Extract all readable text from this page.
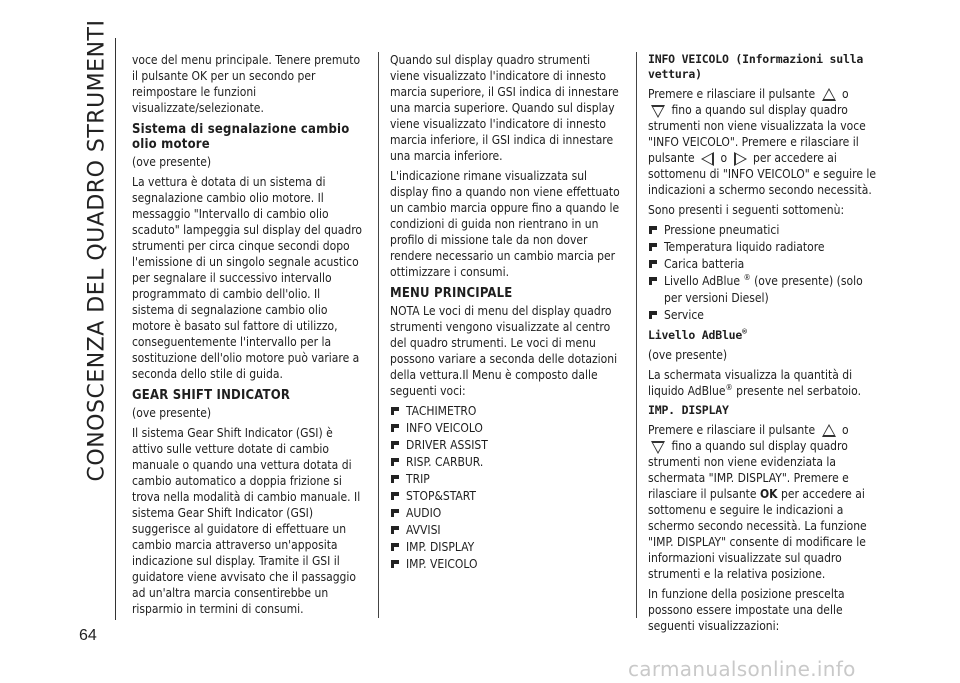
CONOSCENZA DEL QUADRO STRUMENTI
64

voce del menu principale. Tenere premuto il pulsante OK per un secondo per reimpostare le funzioni visualizzate/selezionate.

Sistema di segnalazione cambio olio motore

(ove presente)

La vettura è dotata di un sistema di segnalazione cambio olio motore. Il messaggio "Intervallo di cambio olio scaduto" lampeggia sul display del quadro strumenti per circa cinque secondi dopo l'emissione di un singolo segnale acustico per segnalare il successivo intervallo programmato di cambio dell'olio. Il sistema di segnalazione cambio olio motore è basato sul fattore di utilizzo, conseguentemente l'intervallo per la sostituzione dell'olio motore può variare a seconda dello stile di guida.

GEAR SHIFT INDICATOR

(ove presente)

Il sistema Gear Shift Indicator (GSI) è attivo sulle vetture dotate di cambio manuale o quando una vettura dotata di cambio automatico a doppia frizione si trova nella modalità di cambio manuale. Il sistema Gear Shift Indicator (GSI) suggerisce al guidatore di effettuare un cambio marcia attraverso un'apposita indicazione sul display. Tramite il GSI il guidatore viene avvisato che il passaggio ad un'altra marcia consentirebbe un risparmio in termini di consumi.

Quando sul display quadro strumenti viene visualizzato l'indicatore di innesto marcia superiore, il GSI indica di innestare una marcia superiore. Quando sul display viene visualizzato l'indicatore di innesto marcia inferiore, il GSI indica di innestare una marcia inferiore.

L'indicazione rimane visualizzata sul display fino a quando non viene effettuato un cambio marcia oppure fino a quando le condizioni di guida non rientrano in un profilo di missione tale da non dover rendere necessario un cambio marcia per ottimizzare i consumi.

MENU PRINCIPALE

NOTA Le voci di menu del display quadro strumenti vengono visualizzate al centro del quadro strumenti. Le voci di menu possono variare a seconda delle dotazioni della vettura.Il Menu è composto dalle seguenti voci:

TACHIMETRO
INFO VEICOLO
DRIVER ASSIST
RISP. CARBUR.
TRIP
STOP&START
AUDIO
AVVISI
IMP. DISPLAY
IMP. VEICOLO
INFO VEICOLO (Informazioni sulla vettura)

Premere e rilasciare il pulsante o
fino a quando sul display quadro strumenti non viene visualizzata la voce "INFO VEICOLO". Premere e rilasciare il pulsante o per accedere ai sottomenu di "INFO VEICOLO" e seguire le indicazioni a schermo secondo necessità.

Sono presenti i seguenti sottomenù:

Pressione pneumatici
Temperatura liquido radiatore
Carica batteria
Livello AdBlue ® (ove presente) (solo per versioni Diesel)
Service
Livello AdBlue®

(ove presente)

La schermata visualizza la quantità di liquido AdBlue® presente nel serbatoio.

IMP. DISPLAY

Premere e rilasciare il pulsante o
fino a quando sul display quadro strumenti non viene evidenziata la schermata "IMP. DISPLAY". Premere e rilasciare il pulsante OK per accedere ai sottomenu e seguire le indicazioni a schermo secondo necessità. La funzione "IMP. DISPLAY" consente di modificare le informazioni visualizzate sul quadro strumenti e la relativa posizione.

In funzione della posizione prescelta possono essere impostate una delle seguenti visualizzazioni:

carmanualsonline.info
